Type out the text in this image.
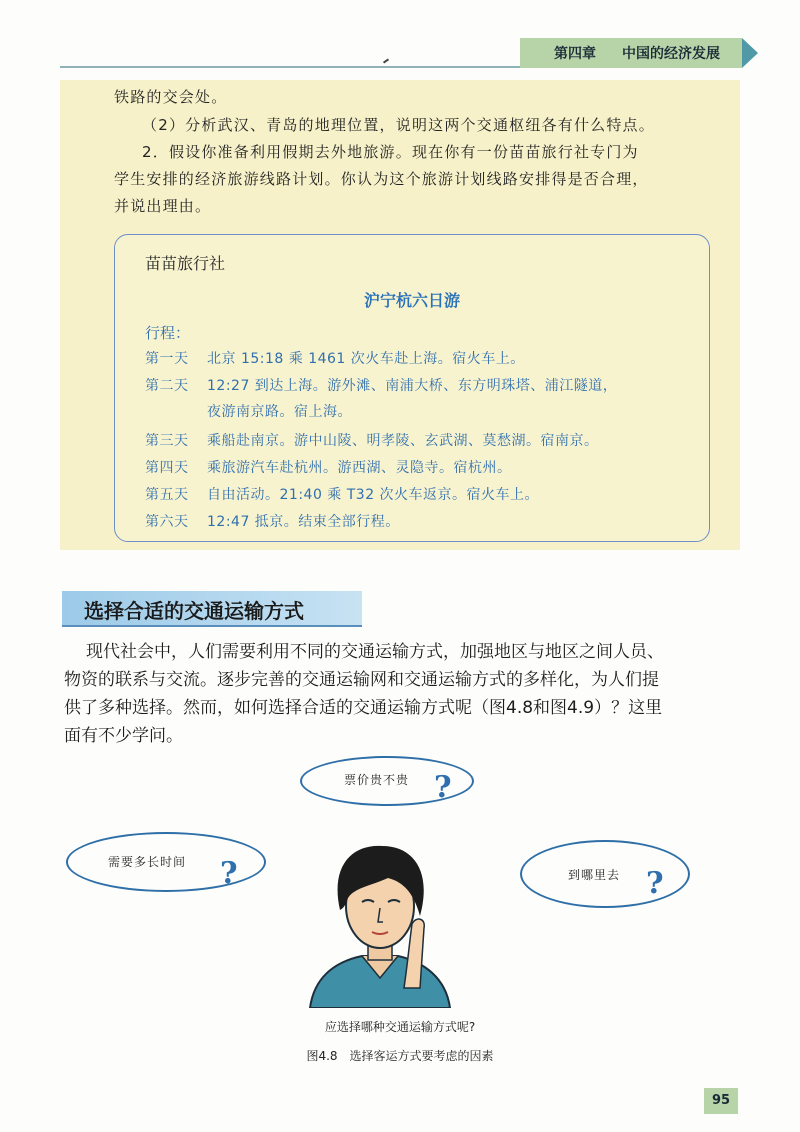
第四章 中国的经济发展
铁路的交会处。
（2）分析武汉、青岛的地理位置，说明这两个交通枢纽各有什么特点。
2．假设你准备利用假期去外地旅游。现在你有一份苗苗旅行社专门为
学生安排的经济旅游线路计划。你认为这个旅游计划线路安排得是否合理，
并说出理由。
苗苗旅行社
沪宁杭六日游
行程：
第一天 北京 15:18 乘 1461 次火车赴上海。宿火车上。
第二天 12:27 到达上海。游外滩、南浦大桥、东方明珠塔、浦江隧道，
夜游南京路。宿上海。
第三天 乘船赴南京。游中山陵、明孝陵、玄武湖、莫愁湖。宿南京。
第四天 乘旅游汽车赴杭州。游西湖、灵隐寺。宿杭州。
第五天 自由活动。21:40 乘 T32 次火车返京。宿火车上。
第六天 12:47 抵京。结束全部行程。
选择合适的交通运输方式

现代社会中，人们需要利用不同的交通运输方式，加强地区与地区之间人员、

物资的联系与交流。逐步完善的交通运输网和交通运输方式的多样化，为人们提

供了多种选择。然而，如何选择合适的交通运输方式呢（图4.8和图4.9）？这里

面有不少学问。

票价贵不贵 ?
需要多长时间 ?	到哪里去 ?
应选择哪种交通运输方式呢?
图4.8　选择客运方式要考虑的因素
95
